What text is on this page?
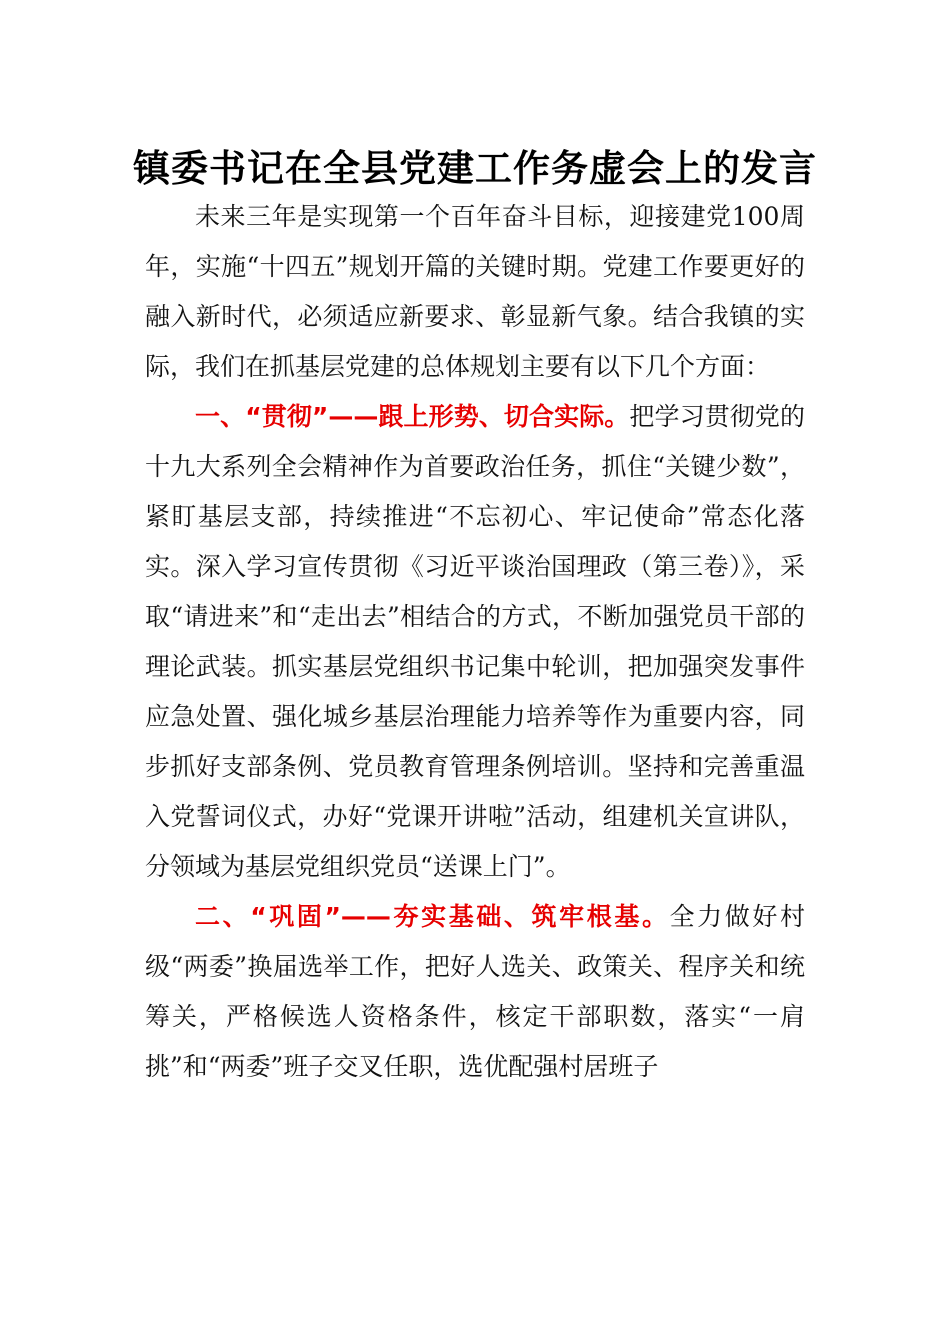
镇委书记在全县党建工作务虚会上的发言

未来三年是实现第一个百年奋斗目标，迎接建党100周年，实施“十四五”规划开篇的关键时期。党建工作要更好的融入新时代，必须适应新要求、彰显新气象。结合我镇的实际，我们在抓基层党建的总体规划主要有以下几个方面：

一、“贯彻”——跟上形势、切合实际。把学习贯彻党的十九大系列全会精神作为首要政治任务，抓住“关键少数”，紧盯基层支部，持续推进“不忘初心、牢记使命”常态化落实。深入学习宣传贯彻《习近平谈治国理政（第三卷）》，采取“请进来”和“走出去”相结合的方式，不断加强党员干部的理论武装。抓实基层党组织书记集中轮训，把加强突发事件应急处置、强化城乡基层治理能力培养等作为重要内容，同步抓好支部条例、党员教育管理条例培训。坚持和完善重温入党誓词仪式，办好“党课开讲啦”活动，组建机关宣讲队，分领域为基层党组织党员“送课上门”。

二、“巩固”——夯实基础、筑牢根基。全力做好村级“两委”换届选举工作，把好人选关、政策关、程序关和统筹关，严格候选人资格条件，核定干部职数，落实“一肩挑”和“两委”班子交叉任职，选优配强村居班子
